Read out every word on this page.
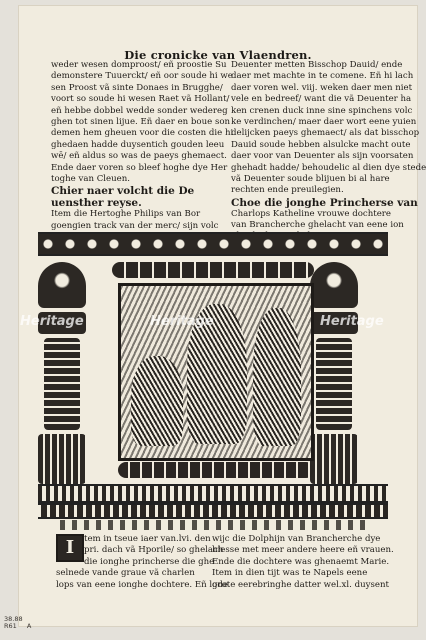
Die cronicke van Vlaendren.
weder wesen domproost/ eñ proostie Su
demonstere Tuuerckt/ eñ oor soude hi we
sen Proost vã sinte Donaes in Brugghe/
voort so soude hi wesen Raet vã Hollant/
eñ hebbe dobbel wedde sonder wedereg
ghen tot sinen lijue. Eñ daer en boue son
demen hem gheuen voor die costen die hi
ghedaen hadde duysentich gouden leeu
wē/ eñ aldus so was de paeys ghemaect.
Ende daer voren so bleef hoghe dye Her
toghe van Cleuen.
Chier naer volcht die De
uensther reyse.
Item die Hertoghe Philips van Bor
goengien track van der merc/ sijn volc
Deuenter metten Bisschop Dauid/ ende
daer met machte in te comene. Eñ hi lach
daer voren wel. viij. weken daer men niet
vele en bedreef/ want die vã Deuenter ha
ken crenen duck inne sine spinchens volc
ke verdinchen/ maer daer wort eene yuien
delijcken paeys ghemaect/ als dat bisschop
Dauid soude hebben alsulcke macht oute
daer voor van Deuenter als sijn voorsaten
ghehadt hadde/ behoudelic al dien dye stede
vã Deuenter soude blijuen bi al hare
rechten ende preuilegien.
Choe die jonghe Princherse van
Charlops Katheline vrouwe dochtere
van Brancherche ghelacht van eene ion
Heritage
Heritage	Heritage
I	tem in tseue iaer van.lvi. den
pri. dach vã Hporile/ so ghelach
die ionghe princherse die ghe
selnede vande graue vã charlen
lops van eene ionghe dochtere. Eñ lode
wijc die Dolphijn van Brancherche dye
hiesse met meer andere heere eñ vrauen.
Ende die dochtere was ghenaemt Marie.
Item in dien tijt was te Napels eene
grote eerebringhe datter wel.xl. duysent
38.88
R61 A
